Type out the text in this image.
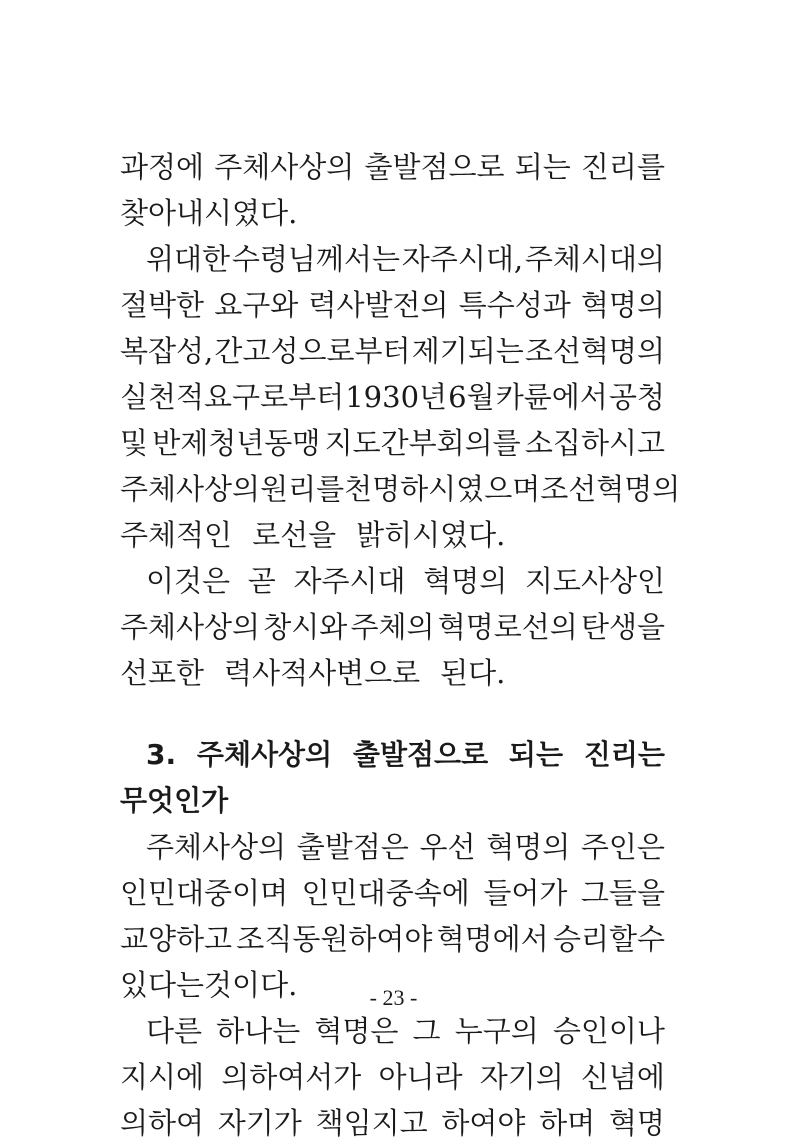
과정에 주체사상의 출발점으로 되는 진리를
찾아내시였다.
위대한 수령님께서는 자주시대, 주체시대의
절박한 요구와 력사발전의 특수성과 혁명의
복잡성, 간고성으로부터 제기되는 조선혁명의
실천적요구로부터 1930년 6월 카륜에서 공청
및 반제청년동맹 지도간부회의를 소집하시고
주체사상의 원리를 천명하시였으며 조선혁명의
주체적인 로선을 밝히시였다.
이것은 곧 자주시대 혁명의 지도사상인
주체사상의 창시와 주체의 혁명로선의 탄생을
선포한 력사적사변으로 된다.
3. 주체사상의 출발점으로 되는 진리는
무엇인가
주체사상의 출발점은 우선 혁명의 주인은
인민대중이며 인민대중속에 들어가 그들을
교양하고 조직동원하여야 혁명에서 승리할수
있다는것이다.
다른 하나는 혁명은 그 누구의 승인이나
지시에 의하여서가 아니라 자기의 신념에
의하여 자기가 책임지고 하여야 하며 혁명
- 23 -
